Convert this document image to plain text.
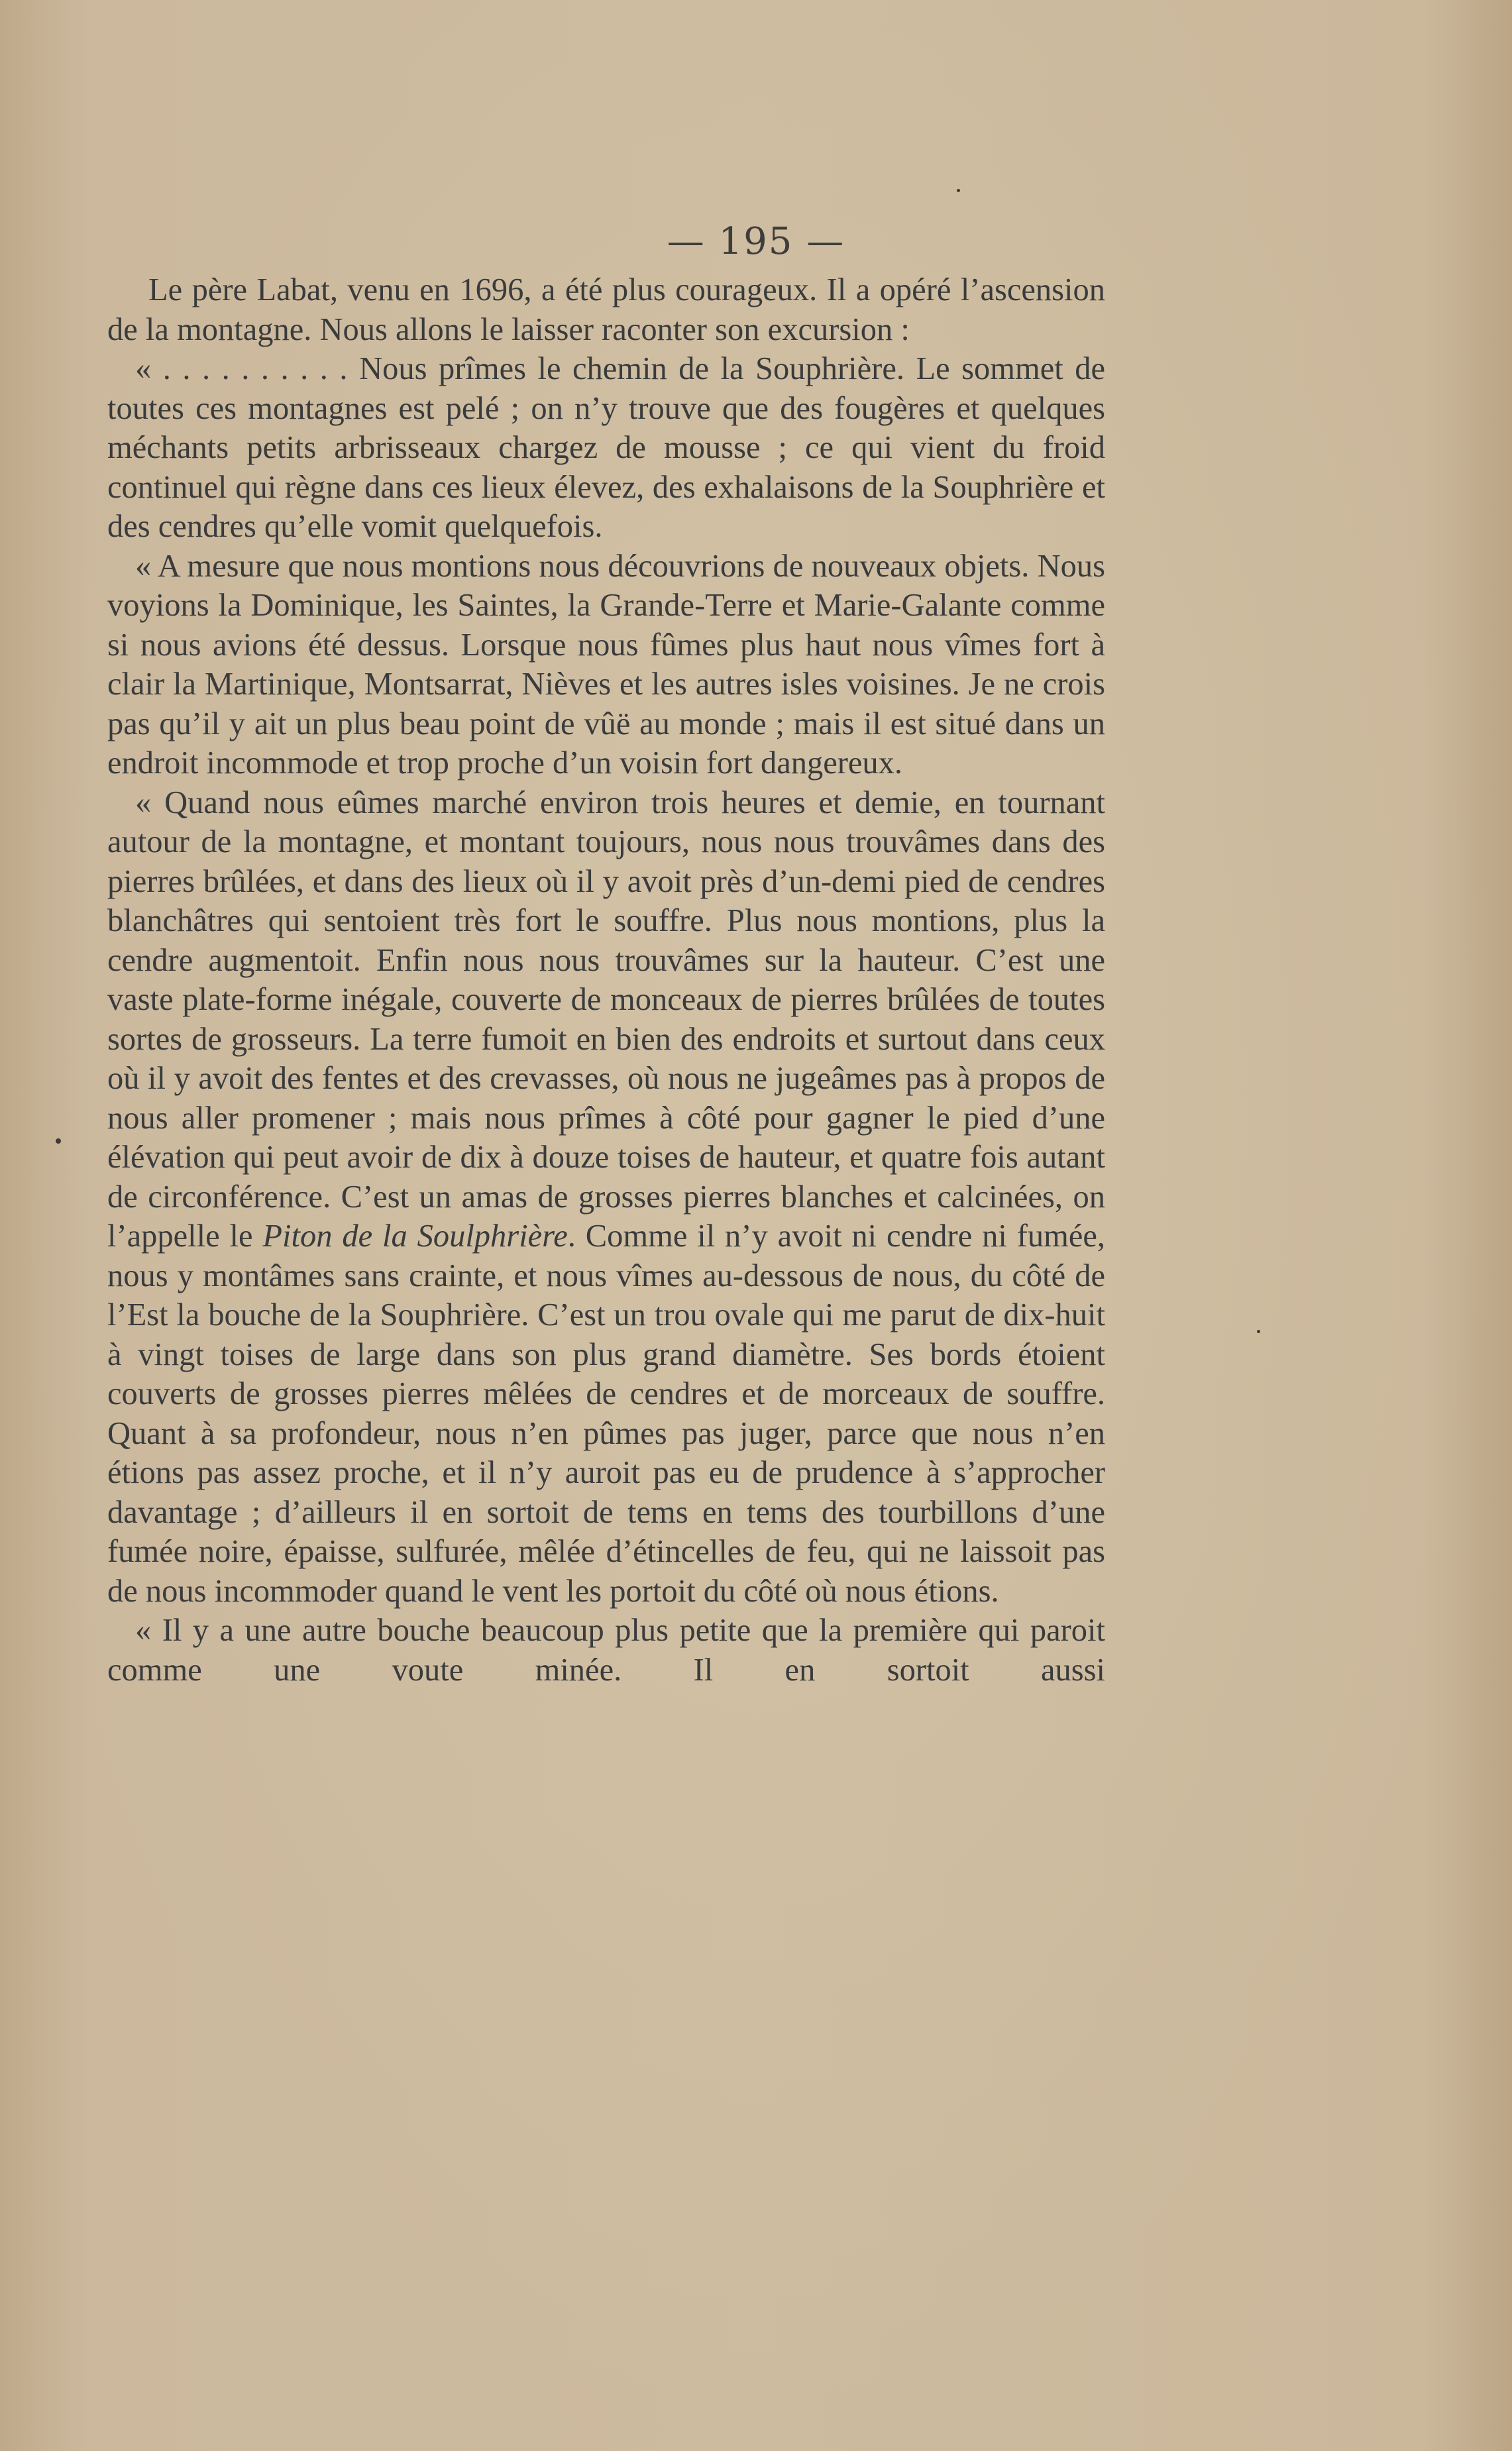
— 195 —

Le père Labat, venu en 1696, a été plus courageux. Il a opéré l’ascension de la montagne. Nous allons le laisser raconter son excursion :

« . . . . . . . . . . Nous prîmes le chemin de la Souphrière. Le sommet de toutes ces montagnes est pelé ; on n’y trouve que des fougères et quelques méchants petits arbrisseaux chargez de mousse ; ce qui vient du froid continuel qui règne dans ces lieux élevez, des exhalaisons de la Souphrière et des cendres qu’elle vomit quelquefois.

« A mesure que nous montions nous découvrions de nouveaux objets. Nous voyions la Dominique, les Saintes, la Grande-Terre et Marie-Galante comme si nous avions été dessus. Lorsque nous fûmes plus haut nous vîmes fort à clair la Martinique, Montsarrat, Nièves et les autres isles voisines. Je ne crois pas qu’il y ait un plus beau point de vûë au monde ; mais il est situé dans un endroit incommode et trop proche d’un voisin fort dangereux.

« Quand nous eûmes marché environ trois heures et demie, en tournant autour de la montagne, et montant toujours, nous nous trouvâmes dans des pierres brûlées, et dans des lieux où il y avoit près d’un-demi pied de cendres blanchâtres qui sentoient très fort le souffre. Plus nous montions, plus la cendre augmentoit. Enfin nous nous trouvâmes sur la hauteur. C’est une vaste plate-forme inégale, couverte de monceaux de pierres brûlées de toutes sortes de grosseurs. La terre fumoit en bien des endroits et surtout dans ceux où il y avoit des fentes et des crevasses, où nous ne jugeâmes pas à propos de nous aller promener ; mais nous prîmes à côté pour gagner le pied d’une élévation qui peut avoir de dix à douze toises de hauteur, et quatre fois autant de circonférence. C’est un amas de grosses pierres blanches et calcinées, on l’appelle le Piton de la Soulphrière. Comme il n’y avoit ni cendre ni fumée, nous y montâmes sans crainte, et nous vîmes au-dessous de nous, du côté de l’Est la bouche de la Souphrière. C’est un trou ovale qui me parut de dix-huit à vingt toises de large dans son plus grand diamètre. Ses bords étoient couverts de grosses pierres mêlées de cendres et de morceaux de souffre. Quant à sa profondeur, nous n’en pûmes pas juger, parce que nous n’en étions pas assez proche, et il n’y auroit pas eu de prudence à s’approcher davantage ; d’ailleurs il en sortoit de tems en tems des tourbillons d’une fumée noire, épaisse, sulfurée, mêlée d’étincelles de feu, qui ne laissoit pas de nous incommoder quand le vent les portoit du côté où nous étions.

« Il y a une autre bouche beaucoup plus petite que la première qui paroit comme une voute minée. Il en sortoit aussi
